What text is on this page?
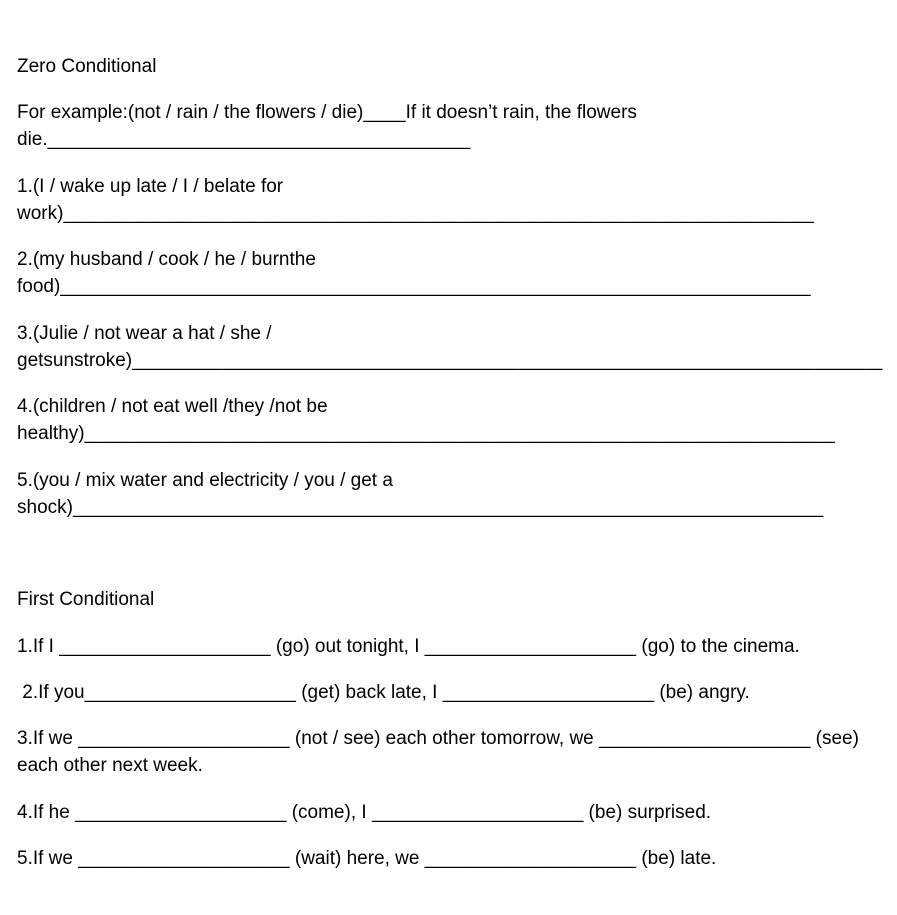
Zero Conditional

For example:(not / rain / the flowers / die)____If it doesn’t rain, the flowers

die.________________________________________

1.(I / wake up late / I / belate for

work)_______________________________________________________________________

2.(my husband / cook / he / burnthe

food)_______________________________________________________________________

3.(Julie / not wear a hat / she /

getsunstroke)_______________________________________________________________________

4.(children / not eat well /they /not be

healthy)_______________________________________________________________________

5.(you / mix water and electricity / you / get a

shock)_______________________________________________________________________

First Conditional

1.If I ____________________ (go) out tonight, I ____________________ (go) to the cinema.

2.If you____________________ (get) back late, I ____________________ (be) angry.

3.If we ____________________ (not / see) each other tomorrow, we ____________________ (see)

each other next week.

4.If he ____________________ (come), I ____________________ (be) surprised.

5.If we ____________________ (wait) here, we ____________________ (be) late.
